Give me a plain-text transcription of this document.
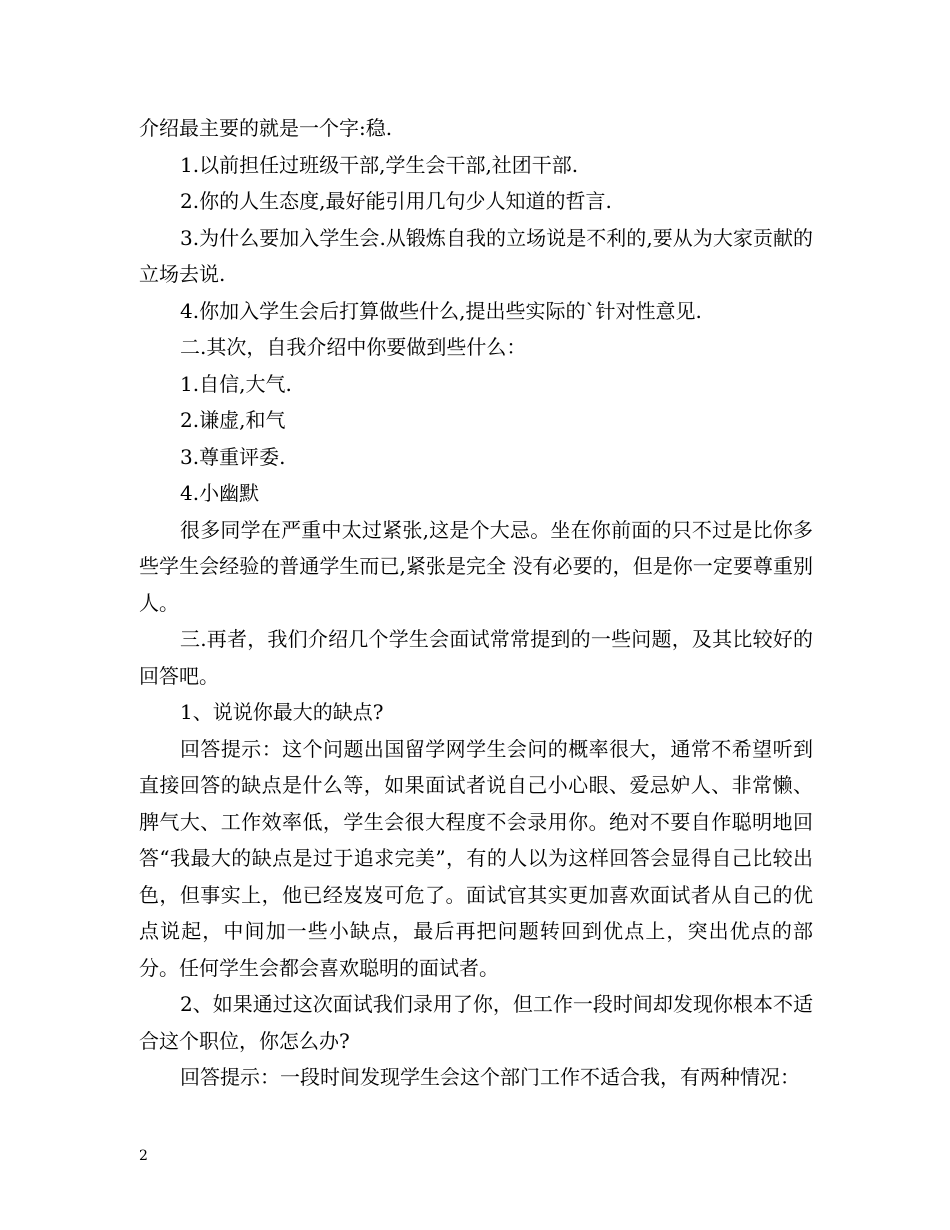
介绍最主要的就是一个字:稳.

1.以前担任过班级干部,学生会干部,社团干部.

2.你的人生态度,最好能引用几句少人知道的哲言.

3.为什么要加入学生会.从锻炼自我的立场说是不利的,要从为大家贡献的立场去说.

4.你加入学生会后打算做些什么,提出些实际的`针对性意见.

二.其次，自我介绍中你要做到些什么：

1.自信,大气.

2.谦虚,和气

3.尊重评委.

4.小幽默

很多同学在严重中太过紧张,这是个大忌。坐在你前面的只不过是比你多些学生会经验的普通学生而已,紧张是完全 没有必要的，但是你一定要尊重别人。

三.再者，我们介绍几个学生会面试常常提到的一些问题，及其比较好的回答吧。

1、说说你最大的缺点?

回答提示：这个问题出国留学网学生会问的概率很大，通常不希望听到直接回答的缺点是什么等，如果面试者说自己小心眼、爱忌妒人、非常懒、脾气大、工作效率低，学生会很大程度不会录用你。绝对不要自作聪明地回答“我最大的缺点是过于追求完美”，有的人以为这样回答会显得自己比较出色，但事实上，他已经岌岌可危了。面试官其实更加喜欢面试者从自己的优点说起，中间加一些小缺点，最后再把问题转回到优点上，突出优点的部分。任何学生会都会喜欢聪明的面试者。

2、如果通过这次面试我们录用了你，但工作一段时间却发现你根本不适合这个职位，你怎么办?

回答提示：一段时间发现学生会这个部门工作不适合我，有两种情况：

2
